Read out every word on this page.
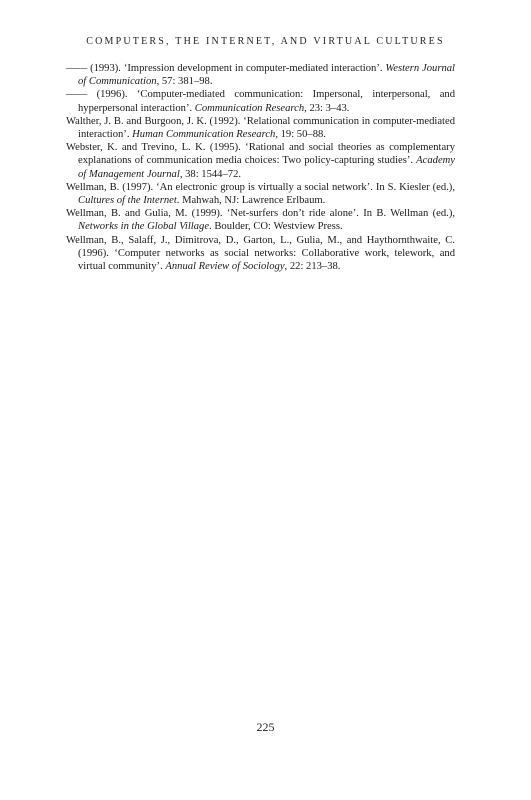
COMPUTERS, THE INTERNET, AND VIRTUAL CULTURES
—— (1993). ‘Impression development in computer-mediated interaction’. Western Journal of Communication, 57: 381–98.
—— (1996). ‘Computer-mediated communication: Impersonal, interpersonal, and hyperpersonal interaction’. Communication Research, 23: 3–43.
Walther, J. B. and Burgoon, J. K. (1992). ‘Relational communication in computer-mediated interaction’. Human Communication Research, 19: 50–88.
Webster, K. and Trevino, L. K. (1995). ‘Rational and social theories as complementary explanations of communication media choices: Two policy-capturing studies’. Academy of Management Journal, 38: 1544–72.
Wellman, B. (1997). ‘An electronic group is virtually a social network’. In S. Kiesler (ed.), Cultures of the Internet. Mahwah, NJ: Lawrence Erlbaum.
Wellman, B. and Gulia, M. (1999). ‘Net-surfers don’t ride alone’. In B. Wellman (ed.), Networks in the Global Village. Boulder, CO: Westview Press.
Wellman, B., Salaff, J., Dimitrova, D., Garton, L., Gulia, M., and Haythornthwaite, C. (1996). ‘Computer networks as social networks: Collaborative work, telework, and virtual community’. Annual Review of Sociology, 22: 213–38.
225
